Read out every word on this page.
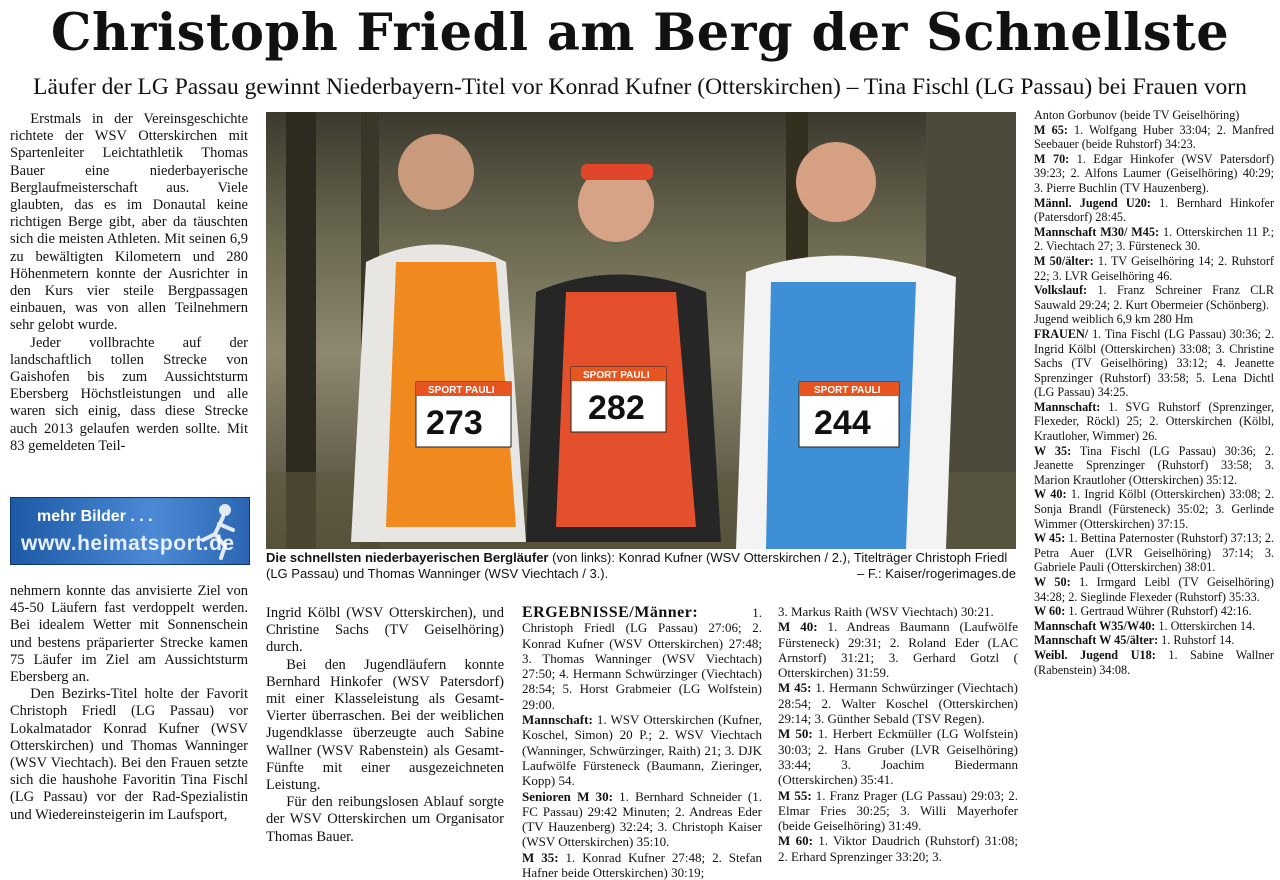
Christoph Friedl am Berg der Schnellste
Läufer der LG Passau gewinnt Niederbayern-Titel vor Konrad Kufner (Otterskirchen) – Tina Fischl (LG Passau) bei Frauen vorn

Erstmals in der Vereinsgeschichte richtete der WSV Otterskirchen mit Spartenleiter Leichtathletik Thomas Bauer eine niederbayerische Berglaufmeisterschaft aus. Viele glaubten, das es im Donautal keine richtigen Berge gibt, aber da täuschten sich die meisten Athleten. Mit seinen 6,9 zu bewältigten Kilometern und 280 Höhenmetern konnte der Ausrichter in den Kurs vier steile Bergpassagen einbauen, was von allen Teilnehmern sehr gelobt wurde.

Jeder vollbrachte auf der landschaftlich tollen Strecke von Gaishofen bis zum Aussichtsturm Ebersberg Höchstleistungen und alle waren sich einig, dass diese Strecke auch 2013 gelaufen werden sollte. Mit 83 gemeldeten Teil-

mehr Bilder . . .
www.heimatsport.de

nehmern konnte das anvisierte Ziel von 45-50 Läufern fast verdoppelt werden. Bei idealem Wetter mit Sonnenschein und bestens präparierter Strecke kamen 75 Läufer im Ziel am Aussichtsturm Ebersberg an.

Den Bezirks-Titel holte der Favorit Christoph Friedl (LG Passau) vor Lokalmatador Konrad Kufner (WSV Otterskirchen) und Thomas Wanninger (WSV Viechtach). Bei den Frauen setzte sich die haushohe Favoritin Tina Fischl (LG Passau) vor der Rad-Spezialistin und Wiedereinsteigerin im Laufsport,

SPORT PAULI
SPORT PAULI
SPORT PAULI
273	282	244
Die schnellsten niederbayerischen Bergläufer (von links): Konrad Kufner (WSV Otterskirchen / 2.), Titelträger Christoph Friedl (LG Passau) und Thomas Wanninger (WSV Viechtach / 3.).	– F.: Kaiser/rogerimages.de

Ingrid Kölbl (WSV Otterskirchen), und Christine Sachs (TV Geiselhöring) durch.

Bei den Jugendläufern konnte Bernhard Hinkofer (WSV Patersdorf) mit einer Klasseleistung als Gesamt-Vierter überraschen. Bei der weiblichen Jugendklasse überzeugte auch Sabine Wallner (WSV Rabenstein) als Gesamt-Fünfte mit einer ausgezeichneten Leistung.

Für den reibungslosen Ablauf sorgte der WSV Otterskirchen um Organisator Thomas Bauer.

ERGEBNISSE/Männer: 1. Christoph Friedl (LG Passau) 27:06; 2. Konrad Kufner (WSV Otterskirchen) 27:48; 3. Thomas Wanninger (WSV Viechtach) 27:50; 4. Hermann Schwürzinger (Viechtach) 28:54; 5. Horst Grabmeier (LG Wolfstein) 29:00.

Mannschaft: 1. WSV Otterskirchen (Kufner, Koschel, Simon) 20 P.; 2. WSV Viechtach (Wanninger, Schwürzinger, Raith) 21; 3. DJK Laufwölfe Fürsteneck (Baumann, Zieringer, Kopp) 54.

Senioren M 30: 1. Bernhard Schneider (1. FC Passau) 29:42 Minuten; 2. Andreas Eder (TV Hauzenberg) 32:24; 3. Christoph Kaiser (WSV Otterskirchen) 35:10.

M 35: 1. Konrad Kufner 27:48; 2. Stefan Hafner beide Otterskirchen) 30:19;

3. Markus Raith (WSV Viechtach) 30:21.

M 40: 1. Andreas Baumann (Laufwölfe Fürsteneck) 29:31; 2. Roland Eder (LAC Arnstorf) 31:21; 3. Gerhard Gotzl ( Otterskirchen) 31:59.

M 45: 1. Hermann Schwürzinger (Viechtach) 28:54; 2. Walter Koschel (Otterskirchen) 29:14; 3. Günther Sebald (TSV Regen).

M 50: 1. Herbert Eckmüller (LG Wolfstein) 30:03; 2. Hans Gruber (LVR Geiselhöring) 33:44; 3. Joachim Biedermann (Otterskirchen) 35:41.

M 55: 1. Franz Prager (LG Passau) 29:03; 2. Elmar Fries 30:25; 3. Willi Mayerhofer (beide Geiselhöring) 31:49.

M 60: 1. Viktor Daudrich (Ruhstorf) 31:08; 2. Erhard Sprenzinger 33:20; 3.

Anton Gorbunov (beide TV Geiselhöring)

M 65: 1. Wolfgang Huber 33:04; 2. Manfred Seebauer (beide Ruhstorf) 34:23.

M 70: 1. Edgar Hinkofer (WSV Patersdorf) 39:23; 2. Alfons Laumer (Geiselhöring) 40:29; 3. Pierre Buchlin (TV Hauzenberg).

Männl. Jugend U20: 1. Bernhard Hinkofer (Patersdorf) 28:45.

Mannschaft M30/ M45: 1. Otterskirchen 11 P.; 2. Viechtach 27; 3. Fürsteneck 30.

M 50/älter: 1. TV Geiselhöring 14; 2. Ruhstorf 22; 3. LVR Geiselhöring 46.

Volkslauf: 1. Franz Schreiner Franz CLR Sauwald 29:24; 2. Kurt Obermeier (Schönberg).

Jugend weiblich 6,9 km 280 Hm

FRAUEN/ 1. Tina Fischl (LG Passau) 30:36; 2. Ingrid Kölbl (Otterskirchen) 33:08; 3. Christine Sachs (TV Geiselhöring) 33:12; 4. Jeanette Sprenzinger (Ruhstorf) 33:58; 5. Lena Dichtl (LG Passau) 34:25.

Mannschaft: 1. SVG Ruhstorf (Sprenzinger, Flexeder, Röckl) 25; 2. Otterskirchen (Kölbl, Krautloher, Wimmer) 26.

W 35: Tina Fischl (LG Passau) 30:36; 2. Jeanette Sprenzinger (Ruhstorf) 33:58; 3. Marion Krautloher (Otterskirchen) 35:12.

W 40: 1. Ingrid Kölbl (Otterskirchen) 33:08; 2. Sonja Brandl (Fürsteneck) 35:02; 3. Gerlinde Wimmer (Otterskirchen) 37:15.

W 45: 1. Bettina Paternoster (Ruhstorf) 37:13; 2. Petra Auer (LVR Geiselhöring) 37:14; 3. Gabriele Pauli (Otterskirchen) 38:01.

W 50: 1. Irmgard Leibl (TV Geiselhöring) 34:28; 2. Sieglinde Flexeder (Ruhstorf) 35:33.

W 60: 1. Gertraud Wührer (Ruhstorf) 42:16.

Mannschaft W35/W40: 1. Otterskirchen 14.

Mannschaft W 45/älter: 1. Ruhstorf 14.

Weibl. Jugend U18: 1. Sabine Wallner (Rabenstein) 34:08.
